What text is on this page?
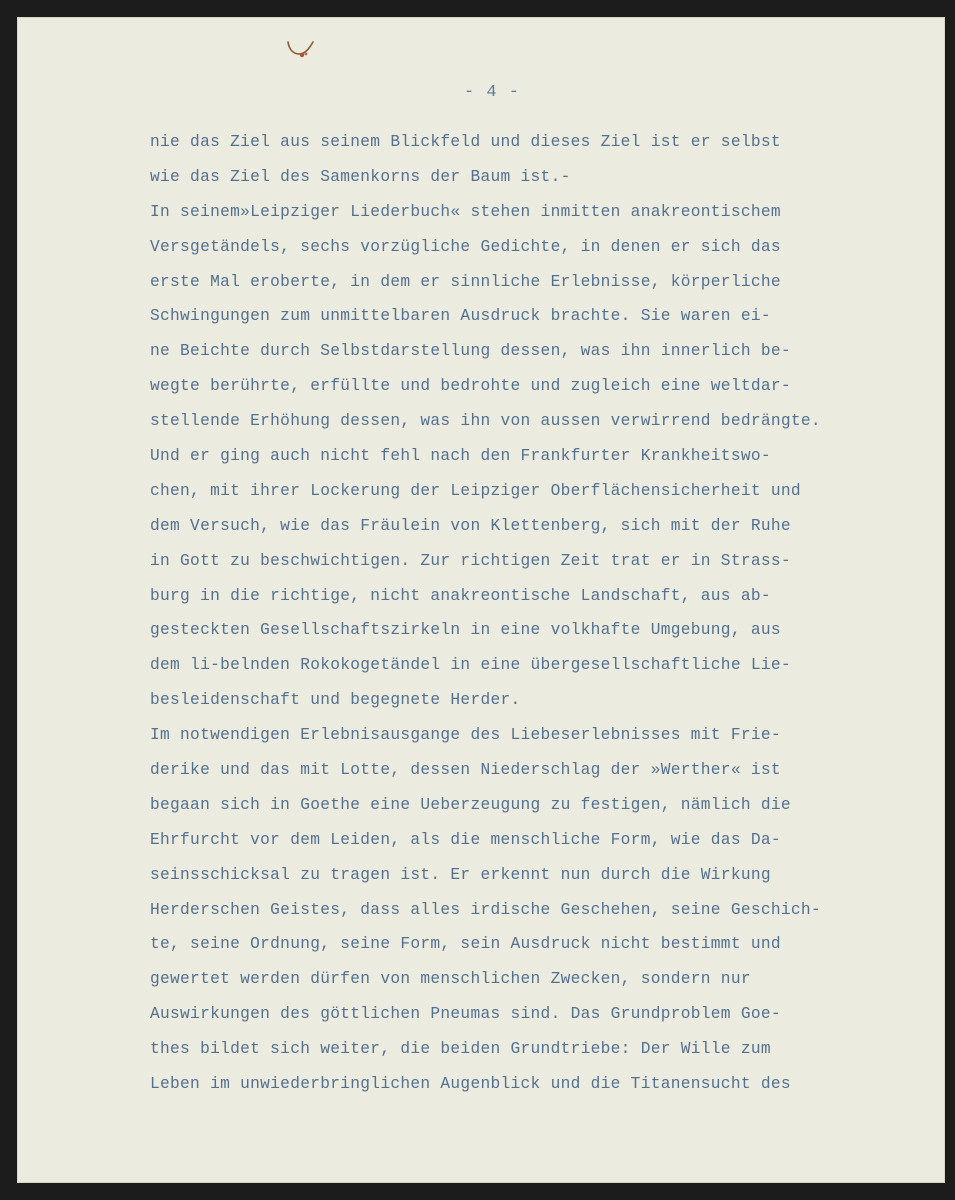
- 4 -
nie das Ziel aus seinem Blickfeld und dieses Ziel ist er selbst
wie das Ziel des Samenkorns der Baum ist.-
In seinem»Leipziger Liederbuch« stehen inmitten anakreontischem
Versgetändels, sechs vorzügliche Gedichte, in denen er sich das
erste Mal eroberte, in dem er sinnliche Erlebnisse, körperliche
Schwingungen zum unmittelbaren Ausdruck brachte. Sie waren ei-
ne Beichte durch Selbstdarstellung dessen, was ihn innerlich be-
wegte berührte, erfüllte und bedrohte und zugleich eine weltdar-
stellende Erhöhung dessen, was ihn von aussen verwirrend bedrängte.
Und er ging auch nicht fehl nach den Frankfurter Krankheitswo-
chen, mit ihrer Lockerung der Leipziger Oberflächensicherheit und
dem Versuch, wie das Fräulein von Klettenberg, sich mit der Ruhe
in Gott zu beschwichtigen. Zur richtigen Zeit trat er in Strass-
burg in die richtige, nicht anakreontische Landschaft, aus ab-
gesteckten Gesellschaftszirkeln in eine volkhafte Umgebung, aus
dem li-belnden Rokokogetändel in eine übergesellschaftliche Lie-
besleidenschaft und begegnete Herder.
Im notwendigen Erlebnisausgange des Liebeserlebnisses mit Frie-
derike und das mit Lotte, dessen Niederschlag der »Werther« ist
begaan sich in Goethe eine Ueberzeugung zu festigen, nämlich die
Ehrfurcht vor dem Leiden, als die menschliche Form, wie das Da-
seinsschicksal zu tragen ist. Er erkennt nun durch die Wirkung
Herderschen Geistes, dass alles irdische Geschehen, seine Geschich-
te, seine Ordnung, seine Form, sein Ausdruck nicht bestimmt und
gewertet werden dürfen von menschlichen Zwecken, sondern nur
Auswirkungen des göttlichen Pneumas sind. Das Grundproblem Goe-
thes bildet sich weiter, die beiden Grundtriebe: Der Wille zum
Leben im unwiederbringlichen Augenblick und die Titanensucht des
